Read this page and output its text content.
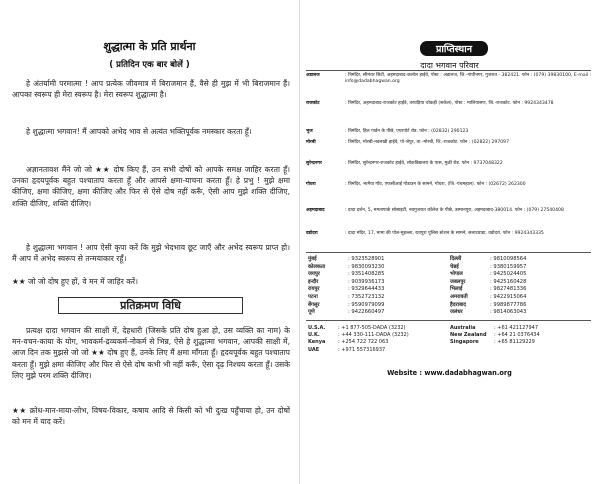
शुद्धात्मा के प्रति प्रार्थना
( प्रतिदिन एक बार बोलें )

हे अंतर्यामी परमात्मा ! आप प्रत्येक जीवमात्र में बिराजमान हैं, वैसे ही मुझ में भी बिराजमान हैं। आपका स्वरूप ही मेरा स्वरूप है। मेरा स्वरूप शुद्धात्मा है।

हे शुद्धात्मा भगवान! मैं आपको अभेद भाव से अत्यंत भक्तिपूर्वक नमस्कार करता हूँ।

अज्ञानतावश मैंने जो जो ★★ दोष किए हैं, उन सभी दोषों को आपके समक्ष जाहिर करता हूँ। उनका हृदयपूर्वक बहुत पश्चाताप करता हूँ और आपसे क्षमा-याचना करता हूँ। हे प्रभु ! मुझे क्षमा कीजिए, क्षमा कीजिए, क्षमा कीजिए और फिर से ऐसे दोष नहीं करूँ, ऐसी आप मुझे शक्ति दीजिए, शक्ति दीजिए, शक्ति दीजिए।

हे शुद्धात्मा भगवान ! आप ऐसी कृपा करें कि मुझे भेदभाव छूट जाएँ और अभेद स्वरूप प्राप्त हो। मैं आप में अभेद स्वरूप से तन्मयाकार रहूँ।

★★ जो जो दोष हुए हों, वे मन में जाहिर करें।

प्रतिक्रमण विधि

प्रत्यक्ष दादा भगवान की साक्षी में, देहधारी (जिसके प्रति दोष हुआ हो, उस व्यक्ति का नाम) के मन-वचन-काया के योग, भावकर्म-द्रव्यकर्म-नोकर्म से भिन्न, ऐसे हे शुद्धात्मा भगवान, आपकी साक्षी में, आज दिन तक मुझसे जो जो ★★ दोष हुए हैं, उनके लिए मैं क्षमा माँगता हूँ। हृदयपूर्वक बहुत पश्चाताप करता हूँ। मुझे क्षमा कीजिए और फिर से ऐसे दोष कभी भी नहीं करूँ, ऐसा दृढ़ निश्चय करता हूँ। उसके लिए मुझे परम शक्ति दीजिए।

★★ क्रोध-मान-माया-लोभ, विषय-विकार, कषाय आदि से किसी को भी दुःख पहुँचाया हो, उन दोषों को मन में याद करें।

प्राप्तिस्थान
दादा भगवान परिवार
अडालज	: त्रिमंदिर, सीमंधर सिटी, अहमदाबाद-कलोल हाईवे, पोस्ट : अडालज, जि.-गांधीनगर, गुजरात - 382421. फोन : (079) 39830100, E-mail : info@dadabhagwan.org
राजकोट	: त्रिमंदिर, अहमदाबाद-राजकोट हाईवे, तरघड़िया चोकड़ी (सर्कल), पोस्ट : मालियासण, जि.-राजकोट. फोन : 9924343478
भुज	: त्रिमंदिर, हिल गार्डन के पीछे, एयरपोर्ट रोड. फोन : (02832) 290123
मोरबी	: त्रिमंदिर, मोरबी-नवलखी हाईवे, पो-जेपुर, ता.-मोरबी, जि.-राजकोट. फोन : (02822) 297097
सुरेन्द्रनगर	: त्रिमंदिर, सुरेन्द्रनगर-राजकोट हाईवे, लोकविद्यालय के पास, मुळी रोड. फोन : 9737048322
गोधरा	: त्रिमंदिर, भामैया गाँव, एफसीआई गोडाउन के सामने, गोधरा, (जि.-पंचमहाल). फोन : (02672) 262300
अहमदाबाद	: दादा दर्शन, 5, ममतापार्क सोसाइटी, नवगुजरात कॉलेज के पीछे, उस्मानपुरा, अहमदाबाद-380014. फोन : (079) 27540408
वडोदरा	: दादा मंदिर, 17, मामा की पोल-मुहल्ला, रावपुरा पुलिस स्टेशन के सामने, सलाटवाडा, वडोदरा. फोन : 9924343335
मुंबई	: 9323528901	दिल्ली	: 9810098564
कोलकता	: 9830093230	चेन्नई	: 9380159957
जयपुर	: 9351408285	भोपाल	: 9425024405
इन्दौर	: 9039936173	जबलपुर	: 9425160428
रायपुर	: 9329644433	भिलाई	: 9827481336
पटना	: 7352723132	अमरावती	: 9422915064
बेंगलूर	: 9590979099	हैदराबाद	: 9989877786
पूणे	: 9422660497	जलंधर	: 9814063043
U.S.A.	: +1 877-505-DADA (3232)	Australia	: +61 421127947
U.K.	: +44 330-111-DADA (3232)	New Zealand	: +64 21 0376434
Kenya	: +254 722 722 063	Singapore	: +65 81129229
UAE	: +971 557316937
Website : www.dadabhagwan.org
